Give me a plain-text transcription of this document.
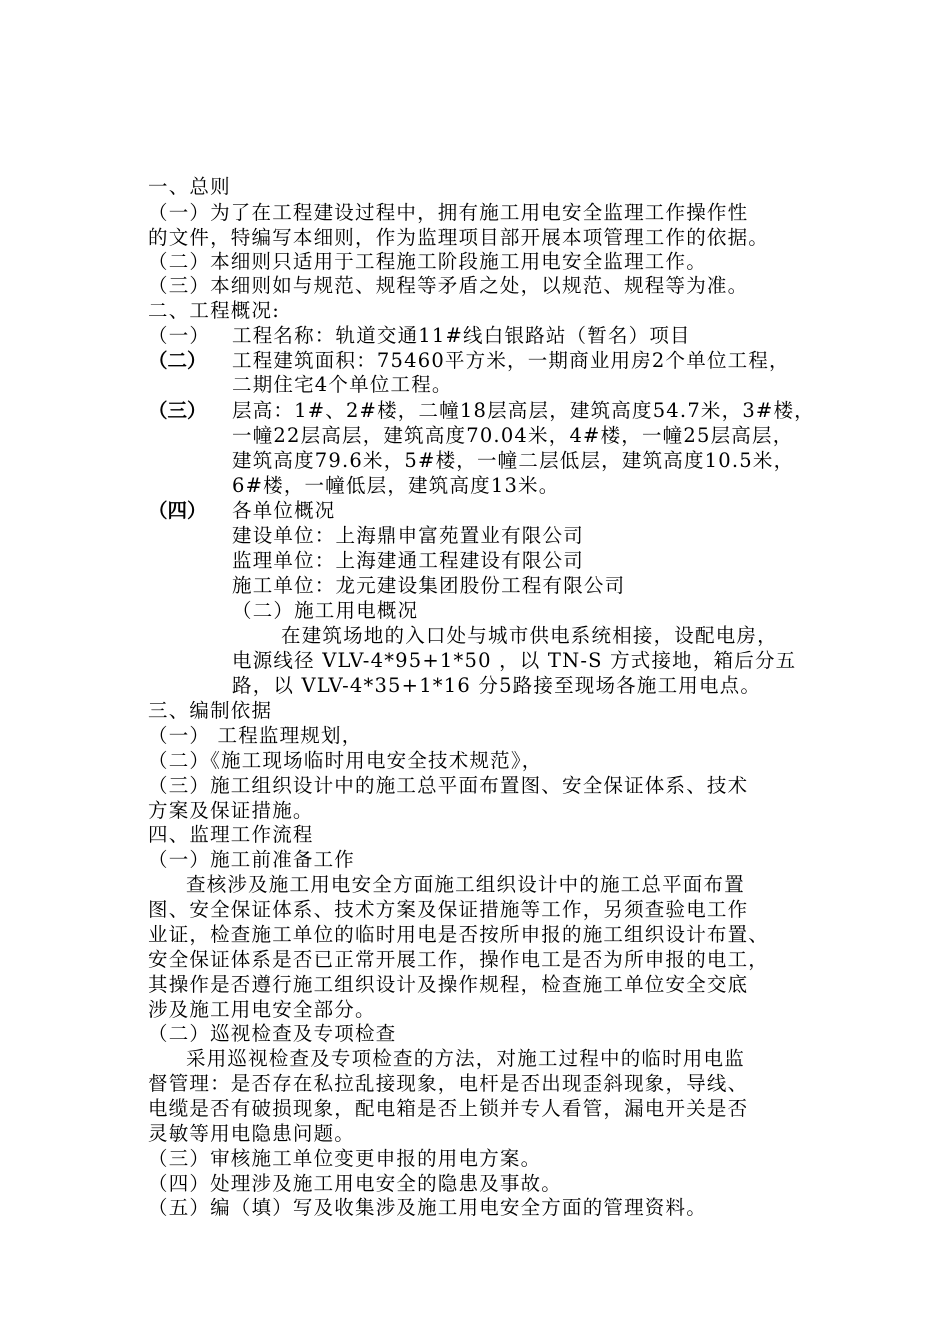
一、总则
（一）为了在工程建设过程中，拥有施工用电安全监理工作操作性
的文件，特编写本细则，作为监理项目部开展本项管理工作的依据。
（二）本细则只适用于工程施工阶段施工用电安全监理工作。
（三）本细则如与规范、规程等矛盾之处，以规范、规程等为准。
二、工程概况:
（一） 工程名称：轨道交通11#线白银路站（暂名）项目
（二） 工程建筑面积：75460平方米，一期商业用房2个单位工程，
二期住宅4个单位工程。
（三） 层高：1#、2#楼，二幢18层高层，建筑高度54.7米，3#楼，
一幢22层高层，建筑高度70.04米，4#楼，一幢25层高层，
建筑高度79.6米，5#楼，一幢二层低层，建筑高度10.5米，
6#楼，一幢低层，建筑高度13米。
（四） 各单位概况
建设单位：上海鼎申富苑置业有限公司
监理单位：上海建通工程建设有限公司
施工单位：龙元建设集团股份工程有限公司
（二）施工用电概况
在建筑场地的入口处与城市供电系统相接，设配电房，
电源线径 VLV-4*95+1*50 ，以 TN-S 方式接地，箱后分五
路，以 VLV-4*35+1*16 分5路接至现场各施工用电点。
三、编制依据
（一） 工程监理规划，
（二）《施工现场临时用电安全技术规范》，
（三）施工组织设计中的施工总平面布置图、安全保证体系、技术
方案及保证措施。
四、监理工作流程
（一）施工前准备工作
查核涉及施工用电安全方面施工组织设计中的施工总平面布置
图、安全保证体系、技术方案及保证措施等工作，另须查验电工作
业证，检查施工单位的临时用电是否按所申报的施工组织设计布置、
安全保证体系是否已正常开展工作，操作电工是否为所申报的电工，
其操作是否遵行施工组织设计及操作规程，检查施工单位安全交底
涉及施工用电安全部分。
（二）巡视检查及专项检查
采用巡视检查及专项检查的方法，对施工过程中的临时用电监
督管理：是否存在私拉乱接现象，电杆是否出现歪斜现象，导线、
电缆是否有破损现象，配电箱是否上锁并专人看管，漏电开关是否
灵敏等用电隐患问题。
（三）审核施工单位变更申报的用电方案。
（四）处理涉及施工用电安全的隐患及事故。
（五）编（填）写及收集涉及施工用电安全方面的管理资料。
